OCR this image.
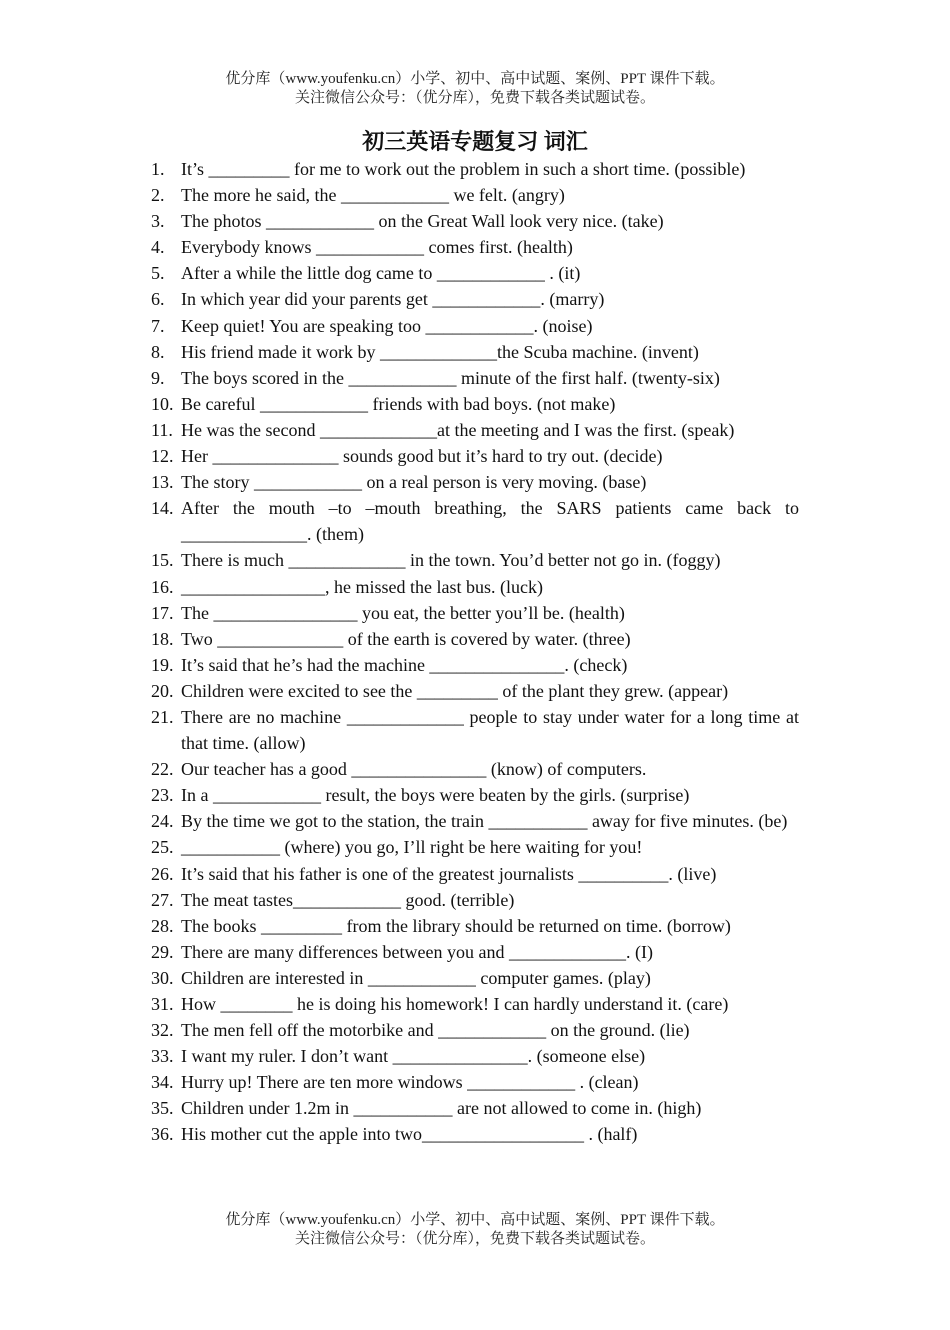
优分库（www.youfenku.cn）小学、初中、高中试题、案例、PPT 课件下载。
关注微信公众号：（优分库），免费下载各类试题试卷。
初三英语专题复习 词汇
1. It’s _________ for me to work out the problem in such a short time. (possible)
2. The more he said, the ____________ we felt. (angry)
3. The photos ____________ on the Great Wall look very nice. (take)
4. Everybody knows ____________ comes first. (health)
5. After a while the little dog came to ____________ . (it)
6. In which year did your parents get ____________. (marry)
7. Keep quiet! You are speaking too ____________. (noise)
8. His friend made it work by _____________the Scuba machine. (invent)
9. The boys scored in the ____________ minute of the first half. (twenty-six)
10. Be careful ____________ friends with bad boys. (not make)
11. He was the second _____________at the meeting and I was the first. (speak)
12. Her ______________ sounds good but it’s hard to try out. (decide)
13. The story ____________ on a real person is very moving. (base)
14. After the mouth –to –mouth breathing, the SARS patients came back to ______________. (them)
15. There is much _____________ in the town. You’d better not go in. (foggy)
16. ________________, he missed the last bus. (luck)
17. The ________________ you eat, the better you’ll be. (health)
18. Two ______________ of the earth is covered by water. (three)
19. It’s said that he’s had the machine _______________. (check)
20. Children were excited to see the _________ of the plant they grew. (appear)
21. There are no machine _____________ people to stay under water for a long time at that time. (allow)
22. Our teacher has a good _______________ (know) of computers.
23. In a ____________ result, the boys were beaten by the girls. (surprise)
24. By the time we got to the station, the train ___________ away for five minutes. (be)
25. ___________ (where) you go, I’ll right be here waiting for you!
26. It’s said that his father is one of the greatest journalists __________. (live)
27. The meat tastes____________ good. (terrible)
28. The books _________ from the library should be returned on time. (borrow)
29. There are many differences between you and _____________. (I)
30. Children are interested in ____________ computer games. (play)
31. How ________ he is doing his homework! I can hardly understand it. (care)
32. The men fell off the motorbike and ____________ on the ground. (lie)
33. I want my ruler. I don’t want _______________. (someone else)
34. Hurry up! There are ten more windows ____________ . (clean)
35. Children under 1.2m in ___________ are not allowed to come in. (high)
36. His mother cut the apple into two__________________ . (half)
优分库（www.youfenku.cn）小学、初中、高中试题、案例、PPT 课件下载。
关注微信公众号：（优分库），免费下载各类试题试卷。
